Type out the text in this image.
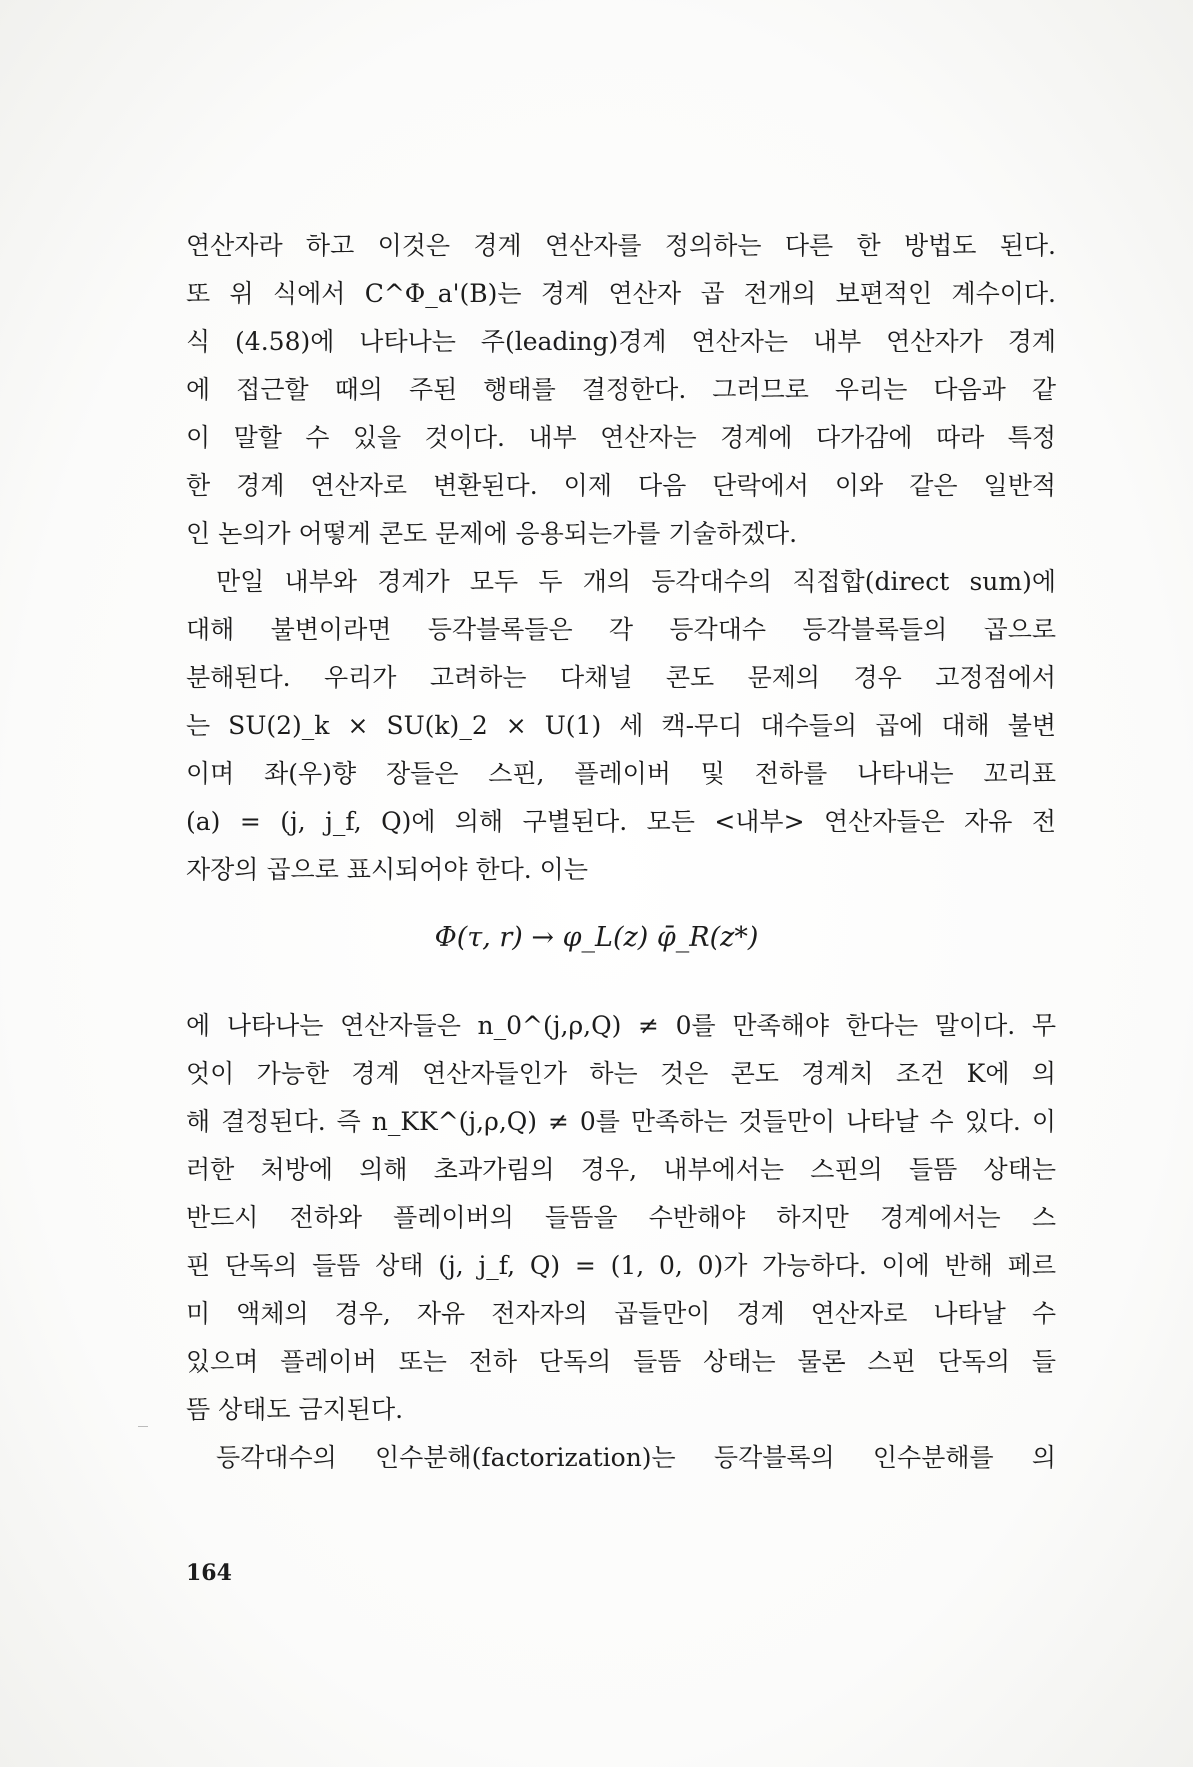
연산자라 하고 이것은 경계 연산자를 정의하는 다른 한 방법도 된다.
또 위 식에서 C^Φ_a'(B)는 경계 연산자 곱 전개의 보편적인 계수이다.
식 (4.58)에 나타나는 주(leading)경계 연산자는 내부 연산자가 경계
에 접근할 때의 주된 행태를 결정한다. 그러므로 우리는 다음과 같
이 말할 수 있을 것이다. 내부 연산자는 경계에 다가감에 따라 특정
한 경계 연산자로 변환된다. 이제 다음 단락에서 이와 같은 일반적
인 논의가 어떻게 콘도 문제에 응용되는가를 기술하겠다.
만일 내부와 경계가 모두 두 개의 등각대수의 직접합(direct sum)에
대해 불변이라면 등각블록들은 각 등각대수 등각블록들의 곱으로
분해된다. 우리가 고려하는 다채널 콘도 문제의 경우 고정점에서
는 SU(2)_k × SU(k)_2 × U(1) 세 캑-무디 대수들의 곱에 대해 불변
이며 좌(우)향 장들은 스핀, 플레이버 및 전하를 나타내는 꼬리표
(a) = (j, j_f, Q)에 의해 구별된다. 모든 <내부> 연산자들은 자유 전
자장의 곱으로 표시되어야 한다. 이는
Φ(τ, r) → φ_L(z) φ̄_R(z*)
에 나타나는 연산자들은 n_0^(j,ρ,Q) ≠ 0를 만족해야 한다는 말이다. 무
엇이 가능한 경계 연산자들인가 하는 것은 콘도 경계치 조건 K에 의
해 결정된다. 즉 n_KK^(j,ρ,Q) ≠ 0를 만족하는 것들만이 나타날 수 있다. 이
러한 처방에 의해 초과가림의 경우, 내부에서는 스핀의 들뜸 상태는
반드시 전하와 플레이버의 들뜸을 수반해야 하지만 경계에서는 스
핀 단독의 들뜸 상태 (j, j_f, Q) = (1, 0, 0)가 가능하다. 이에 반해 페르
미 액체의 경우, 자유 전자자의 곱들만이 경계 연산자로 나타날 수
있으며 플레이버 또는 전하 단독의 들뜸 상태는 물론 스핀 단독의 들
뜸 상태도 금지된다.
등각대수의 인수분해(factorization)는 등각블록의 인수분해를 의
164
